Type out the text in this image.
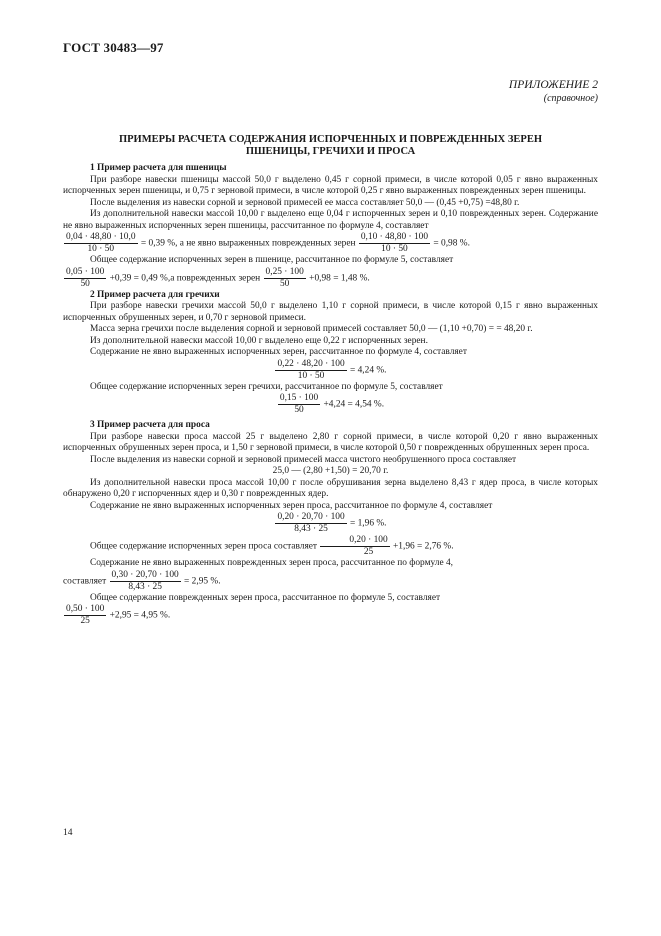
ГОСТ 30483—97
ПРИЛОЖЕНИЕ 2
(справочное)
ПРИМЕРЫ РАСЧЕТА СОДЕРЖАНИЯ ИСПОРЧЕННЫХ И ПОВРЕЖДЕННЫХ ЗЕРЕН
ПШЕНИЦЫ, ГРЕЧИХИ И ПРОСА

1 Пример расчета для пшеницы

При разборе навески пшеницы массой 50,0 г выделено 0,45 г сорной примеси, в числе которой 0,05 г явно выраженных испорченных зерен пшеницы, и 0,75 г зерновой примеси, в числе которой 0,25 г явно выраженных поврежденных зерен пшеницы.

После выделения из навески сорной и зерновой примесей ее масса составляет 50,0 — (0,45 +0,75) =48,80 г.

Из дополнительной навески массой 10,00 г выделено еще 0,04 г испорченных зерен и 0,10 поврежденных зерен. Содержание не явно выраженных испорченных зерен пшеницы, рассчитанное по формуле 4, составляет

$\frac{0,04 \cdot 48,80 \cdot 10,0}{10 \cdot 50} = 0,39$ %, а не явно выраженных поврежденных зерен $\frac{0,10 \cdot 48,80 \cdot 100}{10 \cdot 50} = 0,98$ %.

Общее содержание испорченных зерен в пшенице, рассчитанное по формуле 5, составляет

$\frac{0,05 \cdot 100}{50} +0,39 = 0,49$ %,а поврежденных зерен $\frac{0,25 \cdot 100}{50} +0,98 = 1,48$ %.

2 Пример расчета для гречихи

При разборе навески гречихи массой 50,0 г выделено 1,10 г сорной примеси, в числе которой 0,15 г явно выраженных испорченных обрушенных зерен, и 0,70 г зерновой примеси.

Масса зерна гречихи после выделения сорной и зерновой примесей составляет 50,0 — (1,10 +0,70) = = 48,20 г.

Из дополнительной навески массой 10,00 г выделено еще 0,22 г испорченных зерен.

Содержание не явно выраженных испорченных зерен, рассчитанное по формуле 4, составляет

$\frac{0,22 \cdot 48,20 \cdot 100}{10 \cdot 50} = 4,24$ %.

Общее содержание испорченных зерен гречихи, рассчитанное по формуле 5, составляет

$\frac{0,15 \cdot 100}{50} +4,24 = 4,54$ %.

3 Пример расчета для проса

При разборе навески проса массой 25 г выделено 2,80 г сорной примеси, в числе которой 0,20 г явно выраженных испорченных обрушенных зерен проса, и 1,50 г зерновой примеси, в числе которой 0,50 г поврежденных обрушенных зерен проса.

После выделения из навески сорной и зерновой примесей масса чистого необрушенного проса составляет

25,0 — (2,80 +1,50) = 20,70 г.

Из дополнительной навески проса массой 10,00 г после обрушивания зерна выделено 8,43 г ядер проса, в числе которых обнаружено 0,20 г испорченных ядер и 0,30 г поврежденных ядер.

Содержание не явно выраженных испорченных зерен проса, рассчитанное по формуле 4, составляет

$\frac{0,20 \cdot 20,70 \cdot 100}{8,43 \cdot 25} = 1,96$ %.

Общее содержание испорченных зерен проса составляет $\frac{0,20 \cdot 100}{25} +1,96 = 2,76$ %.

Содержание не явно выраженных поврежденных зерен проса, рассчитанное по формуле 4,

составляет $\frac{0,30 \cdot 20,70 \cdot 100}{8,43 \cdot 25} = 2,95$ %.

Общее содержание поврежденных зерен проса, рассчитанное по формуле 5, составляет

$\frac{0,50 \cdot 100}{25} +2,95 = 4,95$ %.

14
